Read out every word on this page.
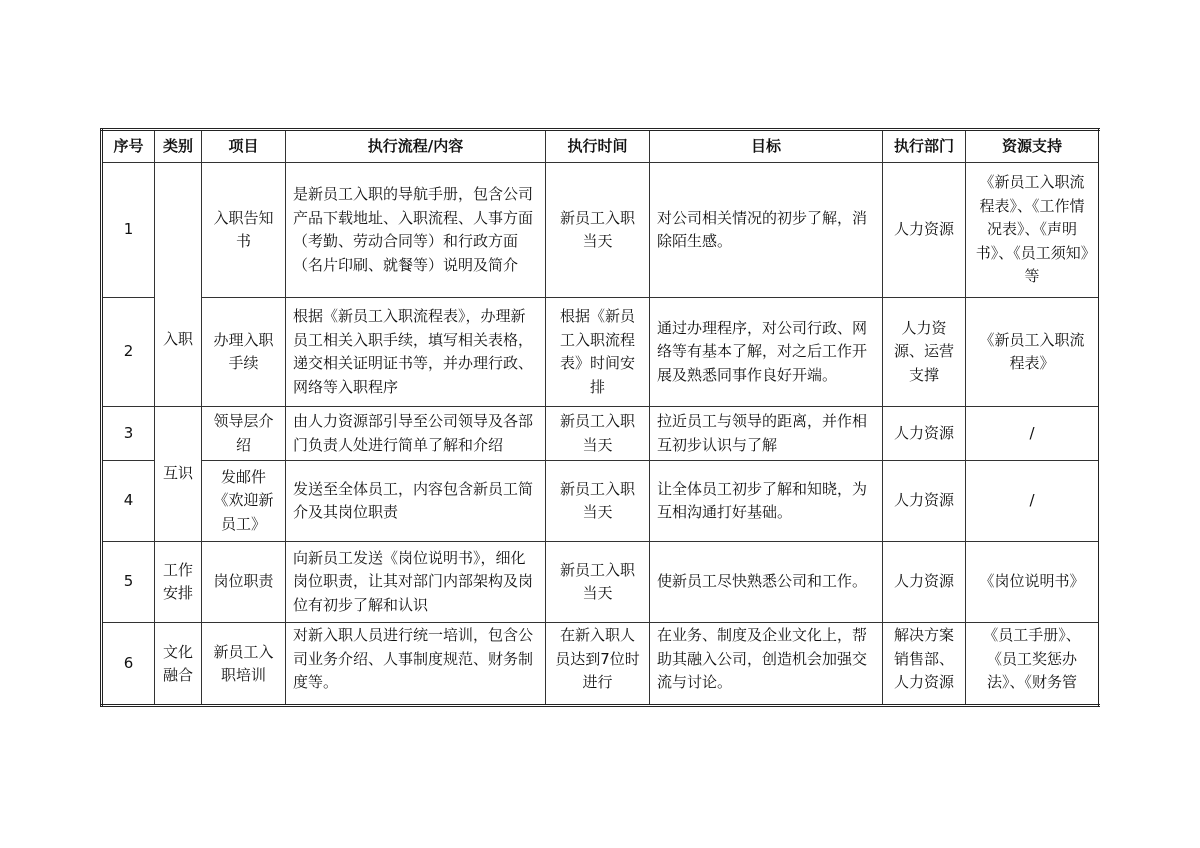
序号	类别	项目	执行流程/内容	执行时间	目标	执行部门	资源支持
1	入职	入职告知书	是新员工入职的导航手册，包含公司产品下载地址、入职流程、人事方面（考勤、劳动合同等）和行政方面（名片印刷、就餐等）说明及简介	新员工入职当天	对公司相关情况的初步了解，消除陌生感。	人力资源	《新员工入职流程表》、《工作情况表》、《声明书》、《员工须知》等
2		办理入职手续	根据《新员工入职流程表》，办理新员工相关入职手续，填写相关表格，递交相关证明证书等，并办理行政、网络等入职程序	根据《新员工入职流程表》时间安排	通过办理程序，对公司行政、网络等有基本了解，对之后工作开展及熟悉同事作良好开端。	人力资源、运营支撑	《新员工入职流程表》
3	互识	领导层介绍	由人力资源部引导至公司领导及各部门负责人处进行简单了解和介绍	新员工入职当天	拉近员工与领导的距离，并作相互初步认识与了解	人力资源	/
4		发邮件《欢迎新员工》	发送至全体员工，内容包含新员工简介及其岗位职责	新员工入职当天	让全体员工初步了解和知晓，为互相沟通打好基础。	人力资源	/
5	工作安排	岗位职责	向新员工发送《岗位说明书》，细化岗位职责，让其对部门内部架构及岗位有初步了解和认识	新员工入职当天	使新员工尽快熟悉公司和工作。	人力资源	《岗位说明书》
6	文化融合	新员工入职培训	对新入职人员进行统一培训，包含公司业务介绍、人事制度规范、财务制度等。	在新入职人员达到7位时进行	在业务、制度及企业文化上，帮助其融入公司，创造机会加强交流与讨论。	解决方案销售部、人力资源	《员工手册》、《员工奖惩办法》、《财务管
